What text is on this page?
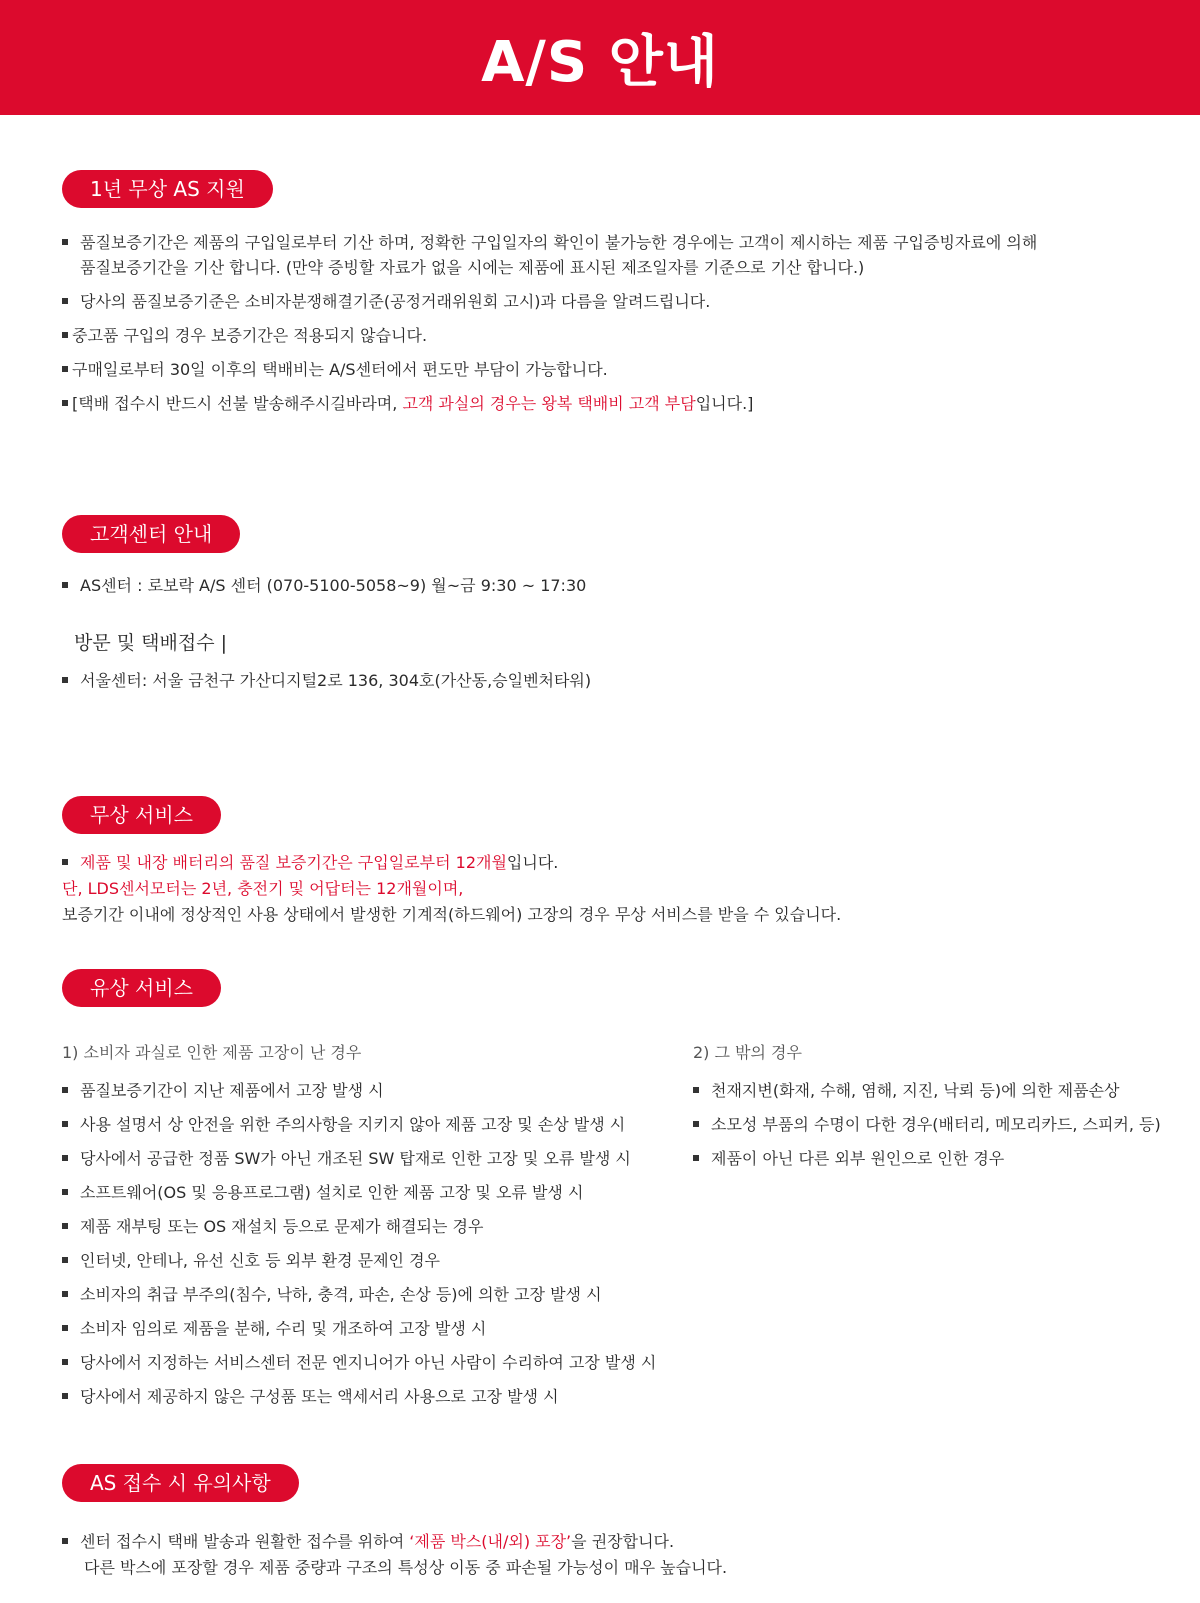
A/S 안내
1년 무상 AS 지원
품질보증기간은 제품의 구입일로부터 기산 하며, 정확한 구입일자의 확인이 불가능한 경우에는 고객이 제시하는 제품 구입증빙자료에 의해
품질보증기간을 기산 합니다. (만약 증빙할 자료가 없을 시에는 제품에 표시된 제조일자를 기준으로 기산 합니다.)
당사의 품질보증기준은 소비자분쟁해결기준(공정거래위원회 고시)과 다름을 알려드립니다.
중고품 구입의 경우 보증기간은 적용되지 않습니다.
구매일로부터 30일 이후의 택배비는 A/S센터에서 편도만 부담이 가능합니다.
[택배 접수시 반드시 선불 발송해주시길바라며, 고객 과실의 경우는 왕복 택배비 고객 부담입니다.]
고객센터 안내
AS센터 : 로보락 A/S 센터 (070-5100-5058~9) 월~금 9:30 ~ 17:30
방문 및 택배접수 |
서울센터: 서울 금천구 가산디지털2로 136, 304호(가산동,승일벤처타워)
무상 서비스
제품 및 내장 배터리의 품질 보증기간은 구입일로부터 12개월입니다.
단, LDS센서모터는 2년, 충전기 및 어답터는 12개월이며,
보증기간 이내에 정상적인 사용 상태에서 발생한 기계적(하드웨어) 고장의 경우 무상 서비스를 받을 수 있습니다.
유상 서비스
1) 소비자 과실로 인한 제품 고장이 난 경우	2) 그 밖의 경우
품질보증기간이 지난 제품에서 고장 발생 시
사용 설명서 상 안전을 위한 주의사항을 지키지 않아 제품 고장 및 손상 발생 시
당사에서 공급한 정품 SW가 아닌 개조된 SW 탑재로 인한 고장 및 오류 발생 시
소프트웨어(OS 및 응용프로그램) 설치로 인한 제품 고장 및 오류 발생 시
제품 재부팅 또는 OS 재설치 등으로 문제가 해결되는 경우
인터넷, 안테나, 유선 신호 등 외부 환경 문제인 경우
소비자의 취급 부주의(침수, 낙하, 충격, 파손, 손상 등)에 의한 고장 발생 시
소비자 임의로 제품을 분해, 수리 및 개조하여 고장 발생 시
당사에서 지정하는 서비스센터 전문 엔지니어가 아닌 사람이 수리하여 고장 발생 시
당사에서 제공하지 않은 구성품 또는 액세서리 사용으로 고장 발생 시
천재지변(화재, 수해, 염해, 지진, 낙뢰 등)에 의한 제품손상
소모성 부품의 수명이 다한 경우(배터리, 메모리카드, 스피커, 등)
제품이 아닌 다른 외부 원인으로 인한 경우
AS 접수 시 유의사항
센터 접수시 택배 발송과 원활한 접수를 위하여 ‘제품 박스(내/외) 포장’을 권장합니다.
다른 박스에 포장할 경우 제품 중량과 구조의 특성상 이동 중 파손될 가능성이 매우 높습니다.
